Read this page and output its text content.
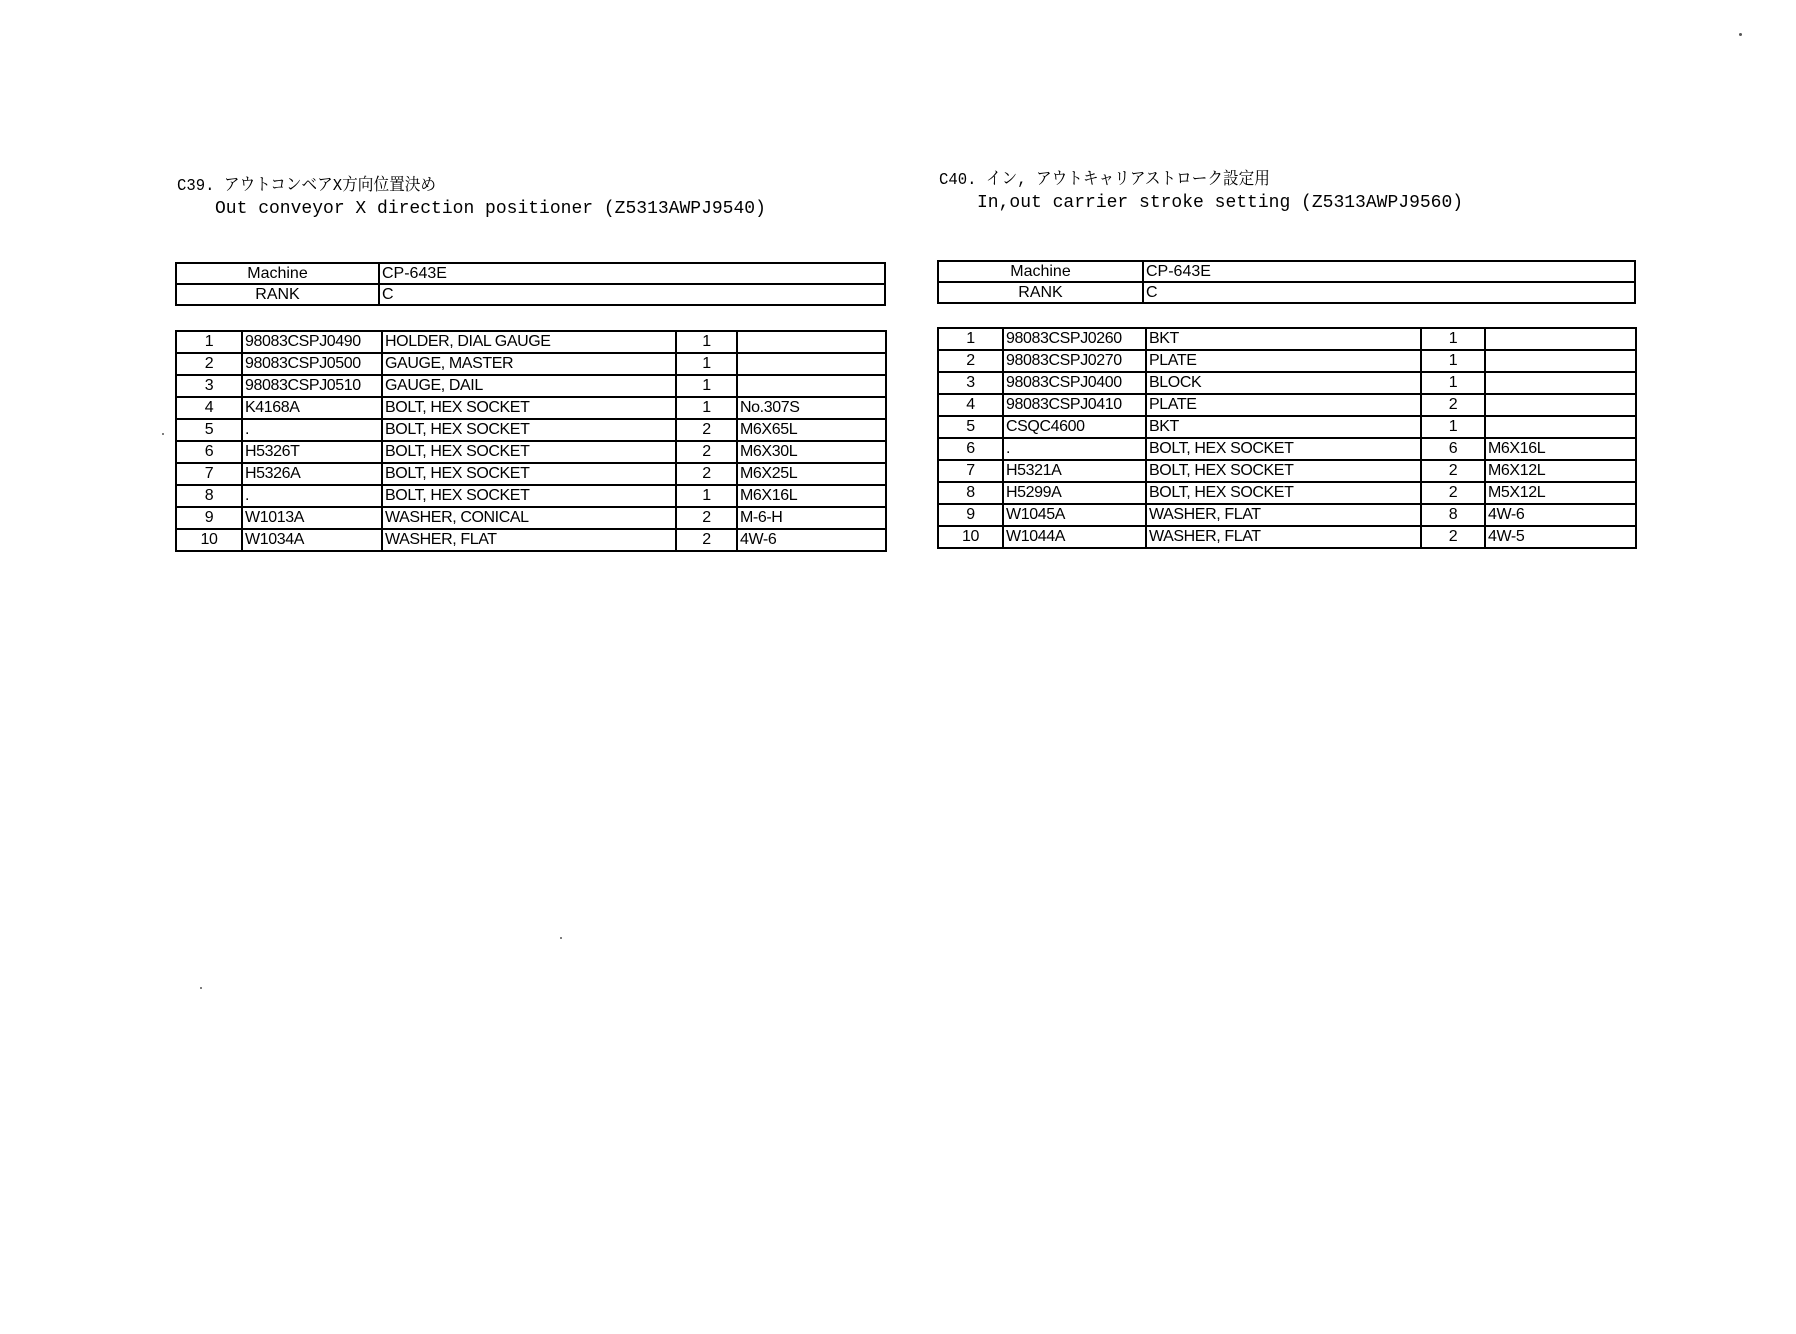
C39. アウトコンベアX方向位置決め
Out conveyor X direction positioner (Z5313AWPJ9540)
Machine	CP-643E
RANK	C
1	98083CSPJ0490	HOLDER, DIAL GAUGE	1	
2	98083CSPJ0500	GAUGE, MASTER	1	
3	98083CSPJ0510	GAUGE, DAIL	1	
4	K4168A	BOLT, HEX SOCKET	1	No.307S
5	.	BOLT, HEX SOCKET	2	M6X65L
6	H5326T	BOLT, HEX SOCKET	2	M6X30L
7	H5326A	BOLT, HEX SOCKET	2	M6X25L
8	.	BOLT, HEX SOCKET	1	M6X16L
9	W1013A	WASHER, CONICAL	2	M-6-H
10	W1034A	WASHER, FLAT	2	4W-6
C40. イン, アウトキャリアストローク設定用
In,out carrier stroke setting (Z5313AWPJ9560)
Machine	CP-643E
RANK	C
1	98083CSPJ0260	BKT	1	
2	98083CSPJ0270	PLATE	1	
3	98083CSPJ0400	BLOCK	1	
4	98083CSPJ0410	PLATE	2	
5	CSQC4600	BKT	1	
6	.	BOLT, HEX SOCKET	6	M6X16L
7	H5321A	BOLT, HEX SOCKET	2	M6X12L
8	H5299A	BOLT, HEX SOCKET	2	M5X12L
9	W1045A	WASHER, FLAT	8	4W-6
10	W1044A	WASHER, FLAT	2	4W-5
